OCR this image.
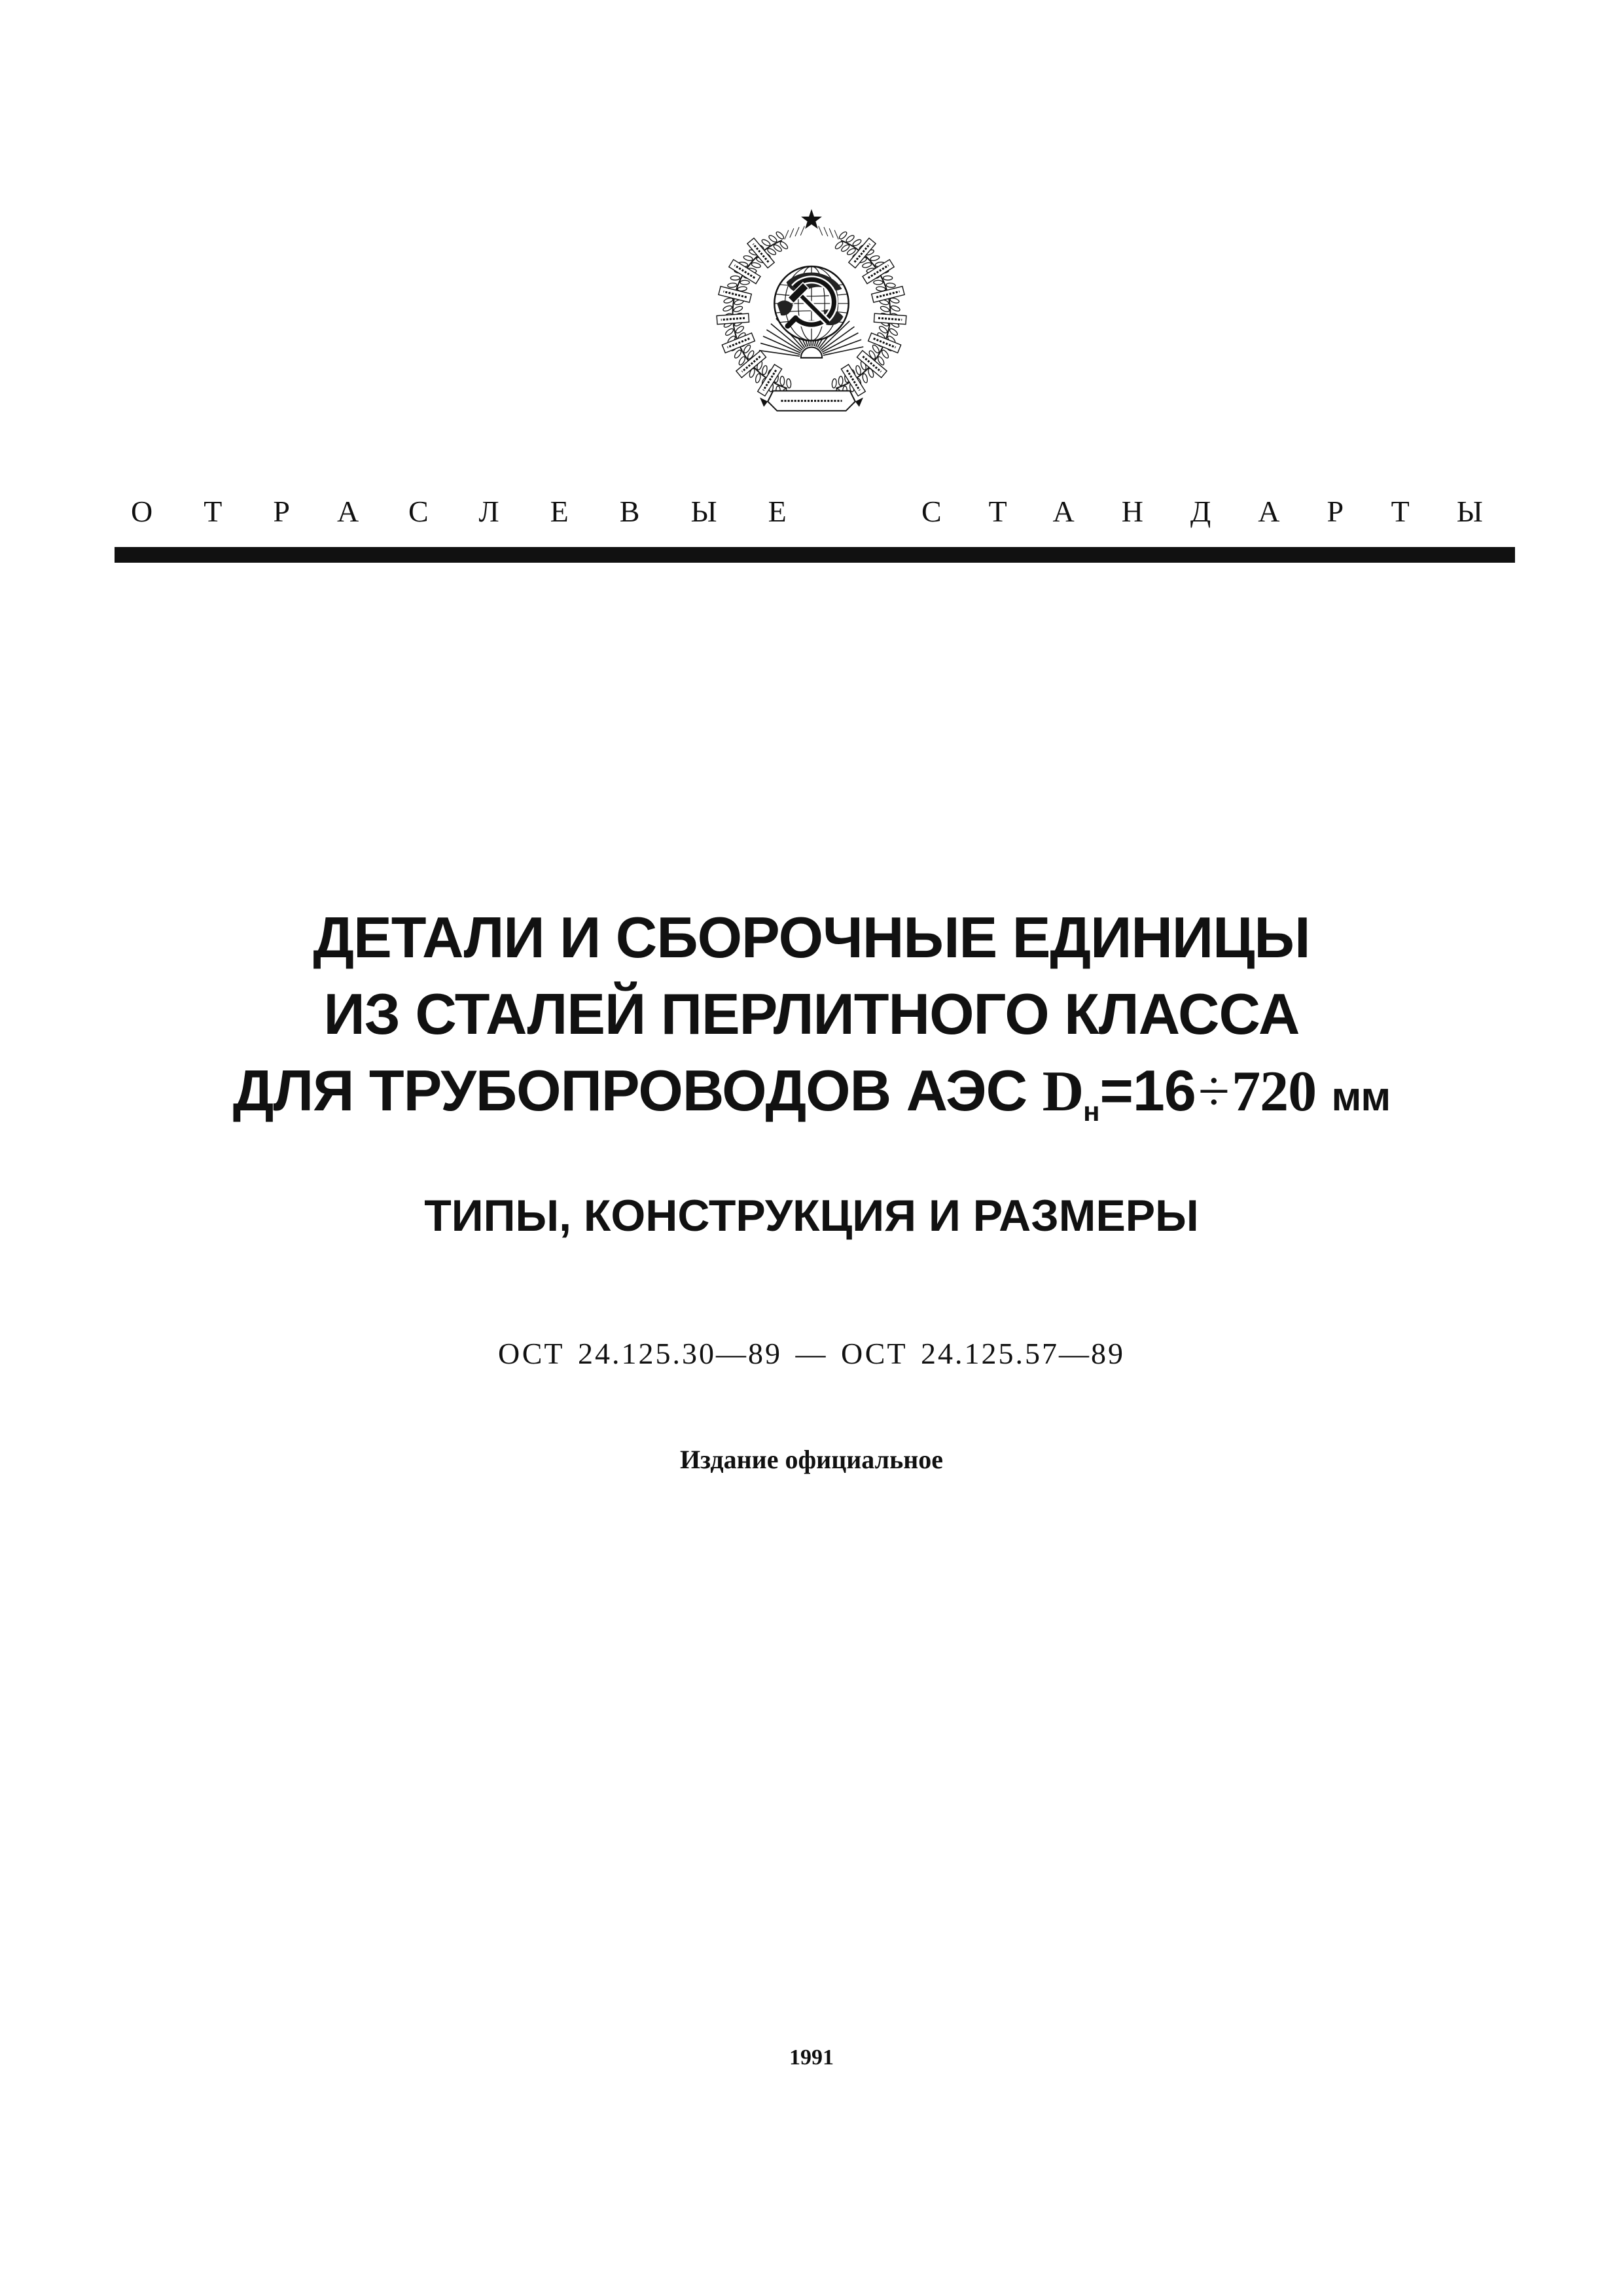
ОТРАСЛЕВЫЕ	СТАНДАРТЫ
ДЕТАЛИ И СБОРОЧНЫЕ ЕДИНИЦЫ
ИЗ СТАЛЕЙ ПЕРЛИТНОГО КЛАССА
ДЛЯ ТРУБОПРОВОДОВ АЭС Dн=16÷720 мм
ТИПЫ, КОНСТРУКЦИЯ И РАЗМЕРЫ
ОСТ 24.125.30—89 — ОСТ 24.125.57—89
Издание официальное
1991
